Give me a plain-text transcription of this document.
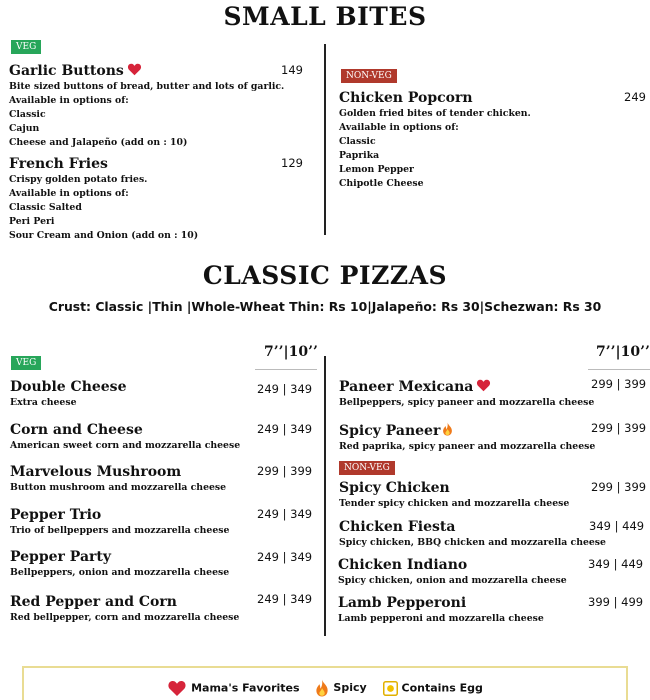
SMALL BITES
VEG
Garlic Buttons
Bite sized buttons of bread, butter and lots of garlic.
Available in options of:
Classic
Cajun
Cheese and Jalapeño (add on : 10)
149
French Fries
Crispy golden potato fries.
Available in options of:
Classic Salted
Peri Peri
Sour Cream and Onion (add on : 10)
129
NON-VEG
Chicken Popcorn
Golden fried bites of tender chicken.
Available in options of:
Classic
Paprika
Lemon Pepper
Chipotle Cheese
249
CLASSIC PIZZAS
Crust: Classic |Thin |Whole-Wheat Thin: Rs 10|Jalapeño: Rs 30|Schezwan: Rs 30
7’’|10’’	7’’|10’’
VEG
Double Cheese
Extra cheese
249 | 349
Corn and Cheese
American sweet corn and mozzarella cheese
249 | 349
Marvelous Mushroom
Button mushroom and mozzarella cheese
299 | 399
Pepper Trio
Trio of bellpeppers and mozzarella cheese
249 | 349
Pepper Party
Bellpeppers, onion and mozzarella cheese
249 | 349
Red Pepper and Corn
Red bellpepper, corn and mozzarella cheese
249 | 349
Paneer Mexicana
Bellpeppers, spicy paneer and mozzarella cheese
299 | 399
Spicy Paneer
Red paprika, spicy paneer and mozzarella cheese
299 | 399
NON-VEG
Spicy Chicken
Tender spicy chicken and mozzarella cheese
299 | 399
Chicken Fiesta
Spicy chicken, BBQ chicken and mozzarella cheese
349 | 449
Chicken Indiano
Spicy chicken, onion and mozzarella cheese
349 | 449
Lamb Pepperoni
Lamb pepperoni and mozzarella cheese
399 | 499
Mama's Favorites	Spicy	Contains Egg
